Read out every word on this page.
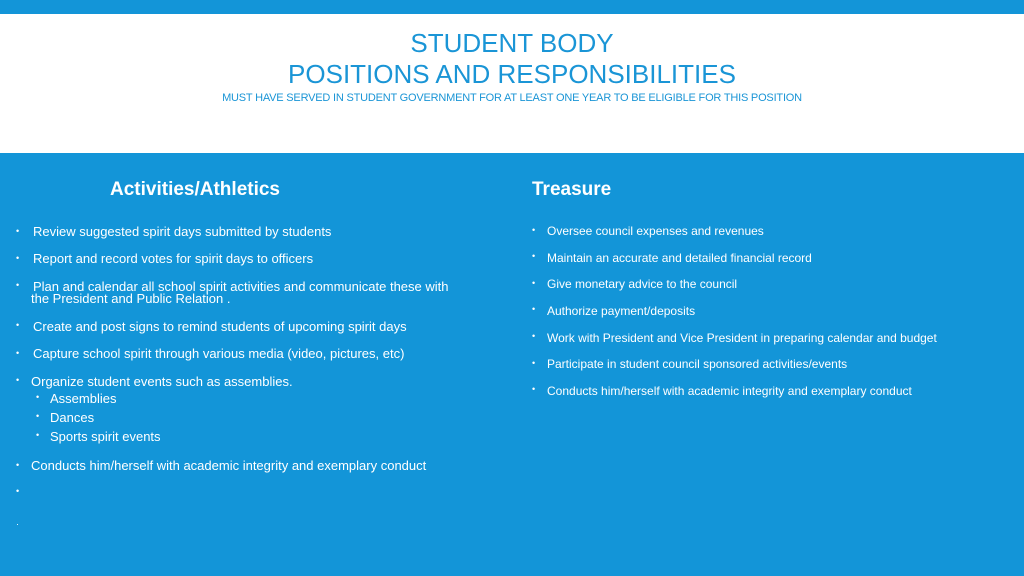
STUDENT BODY
POSITIONS AND RESPONSIBILITIES
MUST HAVE SERVED IN STUDENT GOVERNMENT FOR AT LEAST ONE YEAR TO BE ELIGIBLE FOR THIS POSITION
Activities/Athletics	Treasure
• Review suggested spirit days submitted by students
• Report and record votes for spirit days to officers
• Plan and calendar all school spirit activities and communicate these with
the President and Public Relation .
• Create and post signs to remind students of upcoming spirit days
• Capture school spirit through various media (video, pictures, etc)
• Organize student events such as assemblies.
• Assemblies
• Dances
• Sports spirit events
• Conducts him/herself with academic integrity and exemplary conduct
•
·
• Oversee council expenses and revenues
• Maintain an accurate and detailed financial record
• Give monetary advice to the council
• Authorize payment/deposits
• Work with President and Vice President in preparing calendar and budget
• Participate in student council sponsored activities/events
• Conducts him/herself with academic integrity and exemplary conduct
